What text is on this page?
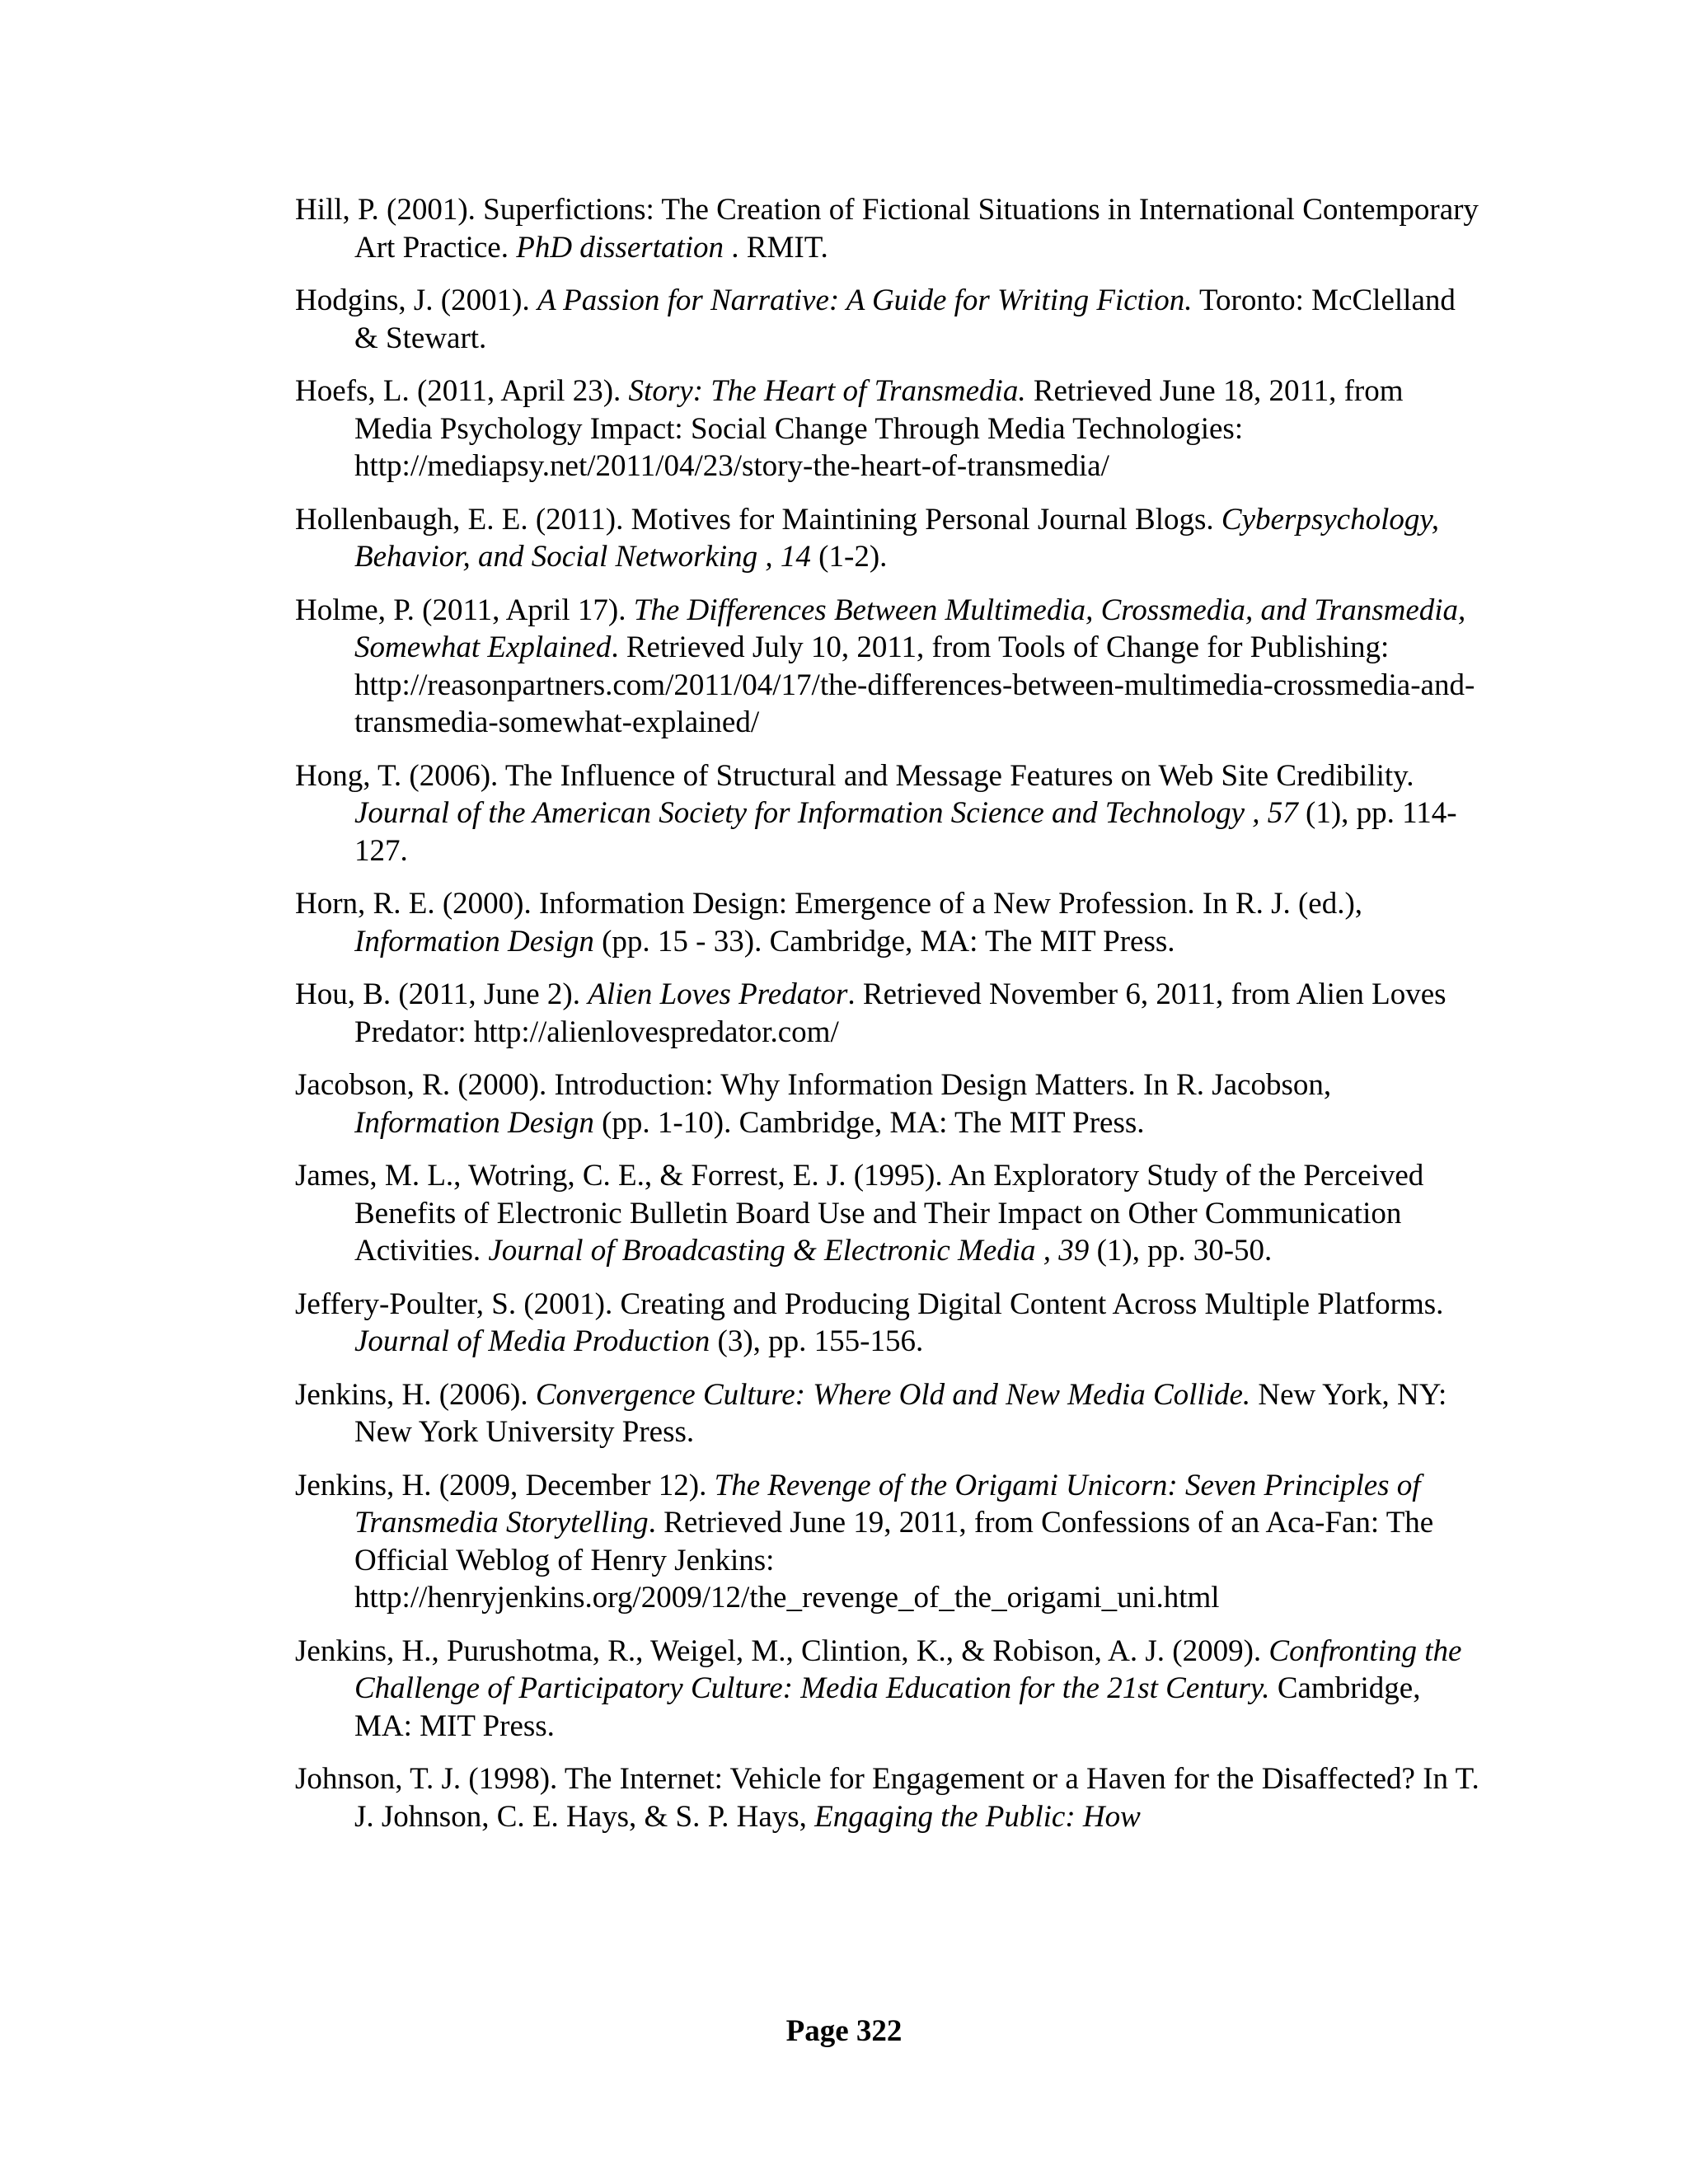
Hill, P. (2001). Superfictions: The Creation of Fictional Situations in International Contemporary Art Practice. PhD dissertation . RMIT.

Hodgins, J. (2001). A Passion for Narrative: A Guide for Writing Fiction. Toronto: McClelland & Stewart.

Hoefs, L. (2011, April 23). Story: The Heart of Transmedia. Retrieved June 18, 2011, from Media Psychology Impact: Social Change Through Media Technologies: http://mediapsy.net/2011/04/23/story-the-heart-of-transmedia/

Hollenbaugh, E. E. (2011). Motives for Maintining Personal Journal Blogs. Cyberpsychology, Behavior, and Social Networking , 14 (1-2).

Holme, P. (2011, April 17). The Differences Between Multimedia, Crossmedia, and Transmedia, Somewhat Explained. Retrieved July 10, 2011, from Tools of Change for Publishing: http://reasonpartners.com/2011/04/17/the-differences-between-multimedia-crossmedia-and-transmedia-somewhat-explained/

Hong, T. (2006). The Influence of Structural and Message Features on Web Site Credibility. Journal of the American Society for Information Science and Technology , 57 (1), pp. 114-127.

Horn, R. E. (2000). Information Design: Emergence of a New Profession. In R. J. (ed.), Information Design (pp. 15 - 33). Cambridge, MA: The MIT Press.

Hou, B. (2011, June 2). Alien Loves Predator. Retrieved November 6, 2011, from Alien Loves Predator: http://alienlovespredator.com/

Jacobson, R. (2000). Introduction: Why Information Design Matters. In R. Jacobson, Information Design (pp. 1-10). Cambridge, MA: The MIT Press.

James, M. L., Wotring, C. E., & Forrest, E. J. (1995). An Exploratory Study of the Perceived Benefits of Electronic Bulletin Board Use and Their Impact on Other Communication Activities. Journal of Broadcasting & Electronic Media , 39 (1), pp. 30-50.

Jeffery-Poulter, S. (2001). Creating and Producing Digital Content Across Multiple Platforms. Journal of Media Production (3), pp. 155-156.

Jenkins, H. (2006). Convergence Culture: Where Old and New Media Collide. New York, NY: New York University Press.

Jenkins, H. (2009, December 12). The Revenge of the Origami Unicorn: Seven Principles of Transmedia Storytelling. Retrieved June 19, 2011, from Confessions of an Aca-Fan: The Official Weblog of Henry Jenkins: http://henryjenkins.org/2009/12/the_revenge_of_the_origami_uni.html

Jenkins, H., Purushotma, R., Weigel, M., Clintion, K., & Robison, A. J. (2009). Confronting the Challenge of Participatory Culture: Media Education for the 21st Century. Cambridge, MA: MIT Press.

Johnson, T. J. (1998). The Internet: Vehicle for Engagement or a Haven for the Disaffected? In T. J. Johnson, C. E. Hays, & S. P. Hays, Engaging the Public: How

Page 322
